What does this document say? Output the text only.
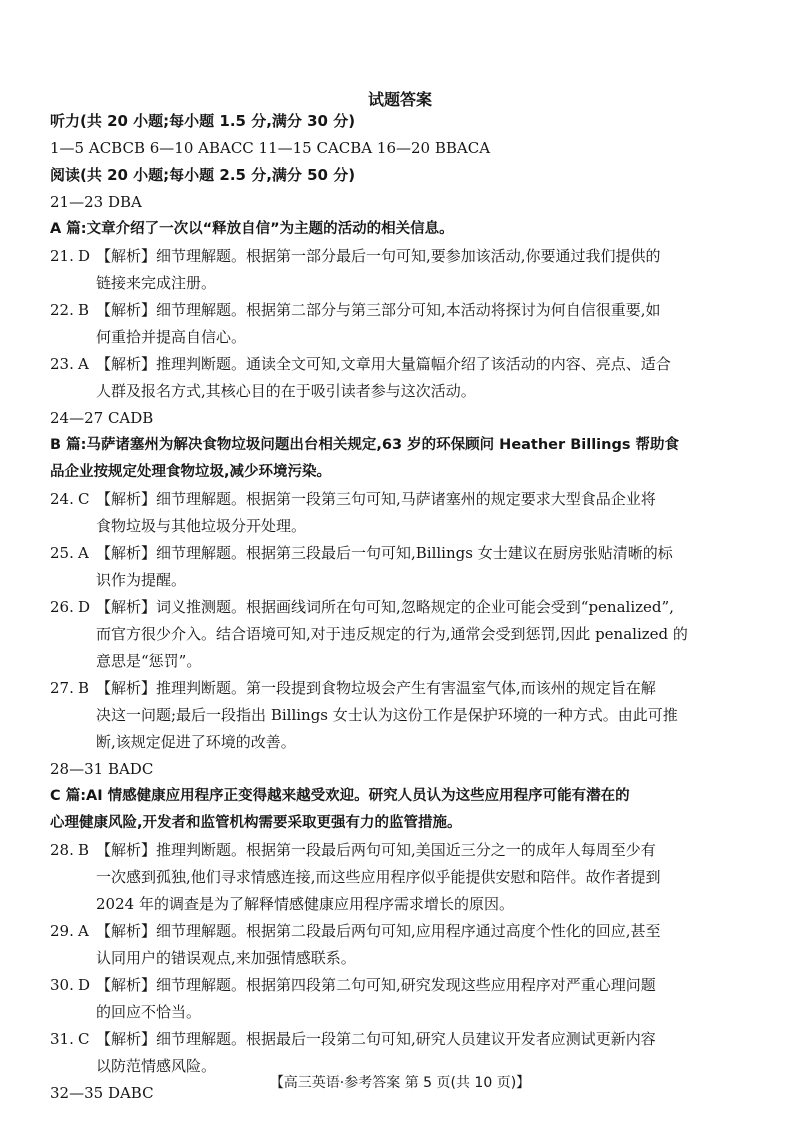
试题答案
听力(共 20 小题;每小题 1.5 分,满分 30 分)
1—5 ACBCB 6—10 ABACC 11—15 CACBA 16—20 BBACA
阅读(共 20 小题;每小题 2.5 分,满分 50 分)
21—23 DBA
A 篇:文章介绍了一次以“释放自信”为主题的活动的相关信息。
21. D 【解析】细节理解题。根据第一部分最后一句可知,要参加该活动,你要通过我们提供的
链接来完成注册。
22. B 【解析】细节理解题。根据第二部分与第三部分可知,本活动将探讨为何自信很重要,如
何重拾并提高自信心。
23. A 【解析】推理判断题。通读全文可知,文章用大量篇幅介绍了该活动的内容、亮点、适合
人群及报名方式,其核心目的在于吸引读者参与这次活动。
24—27 CADB
B 篇:马萨诸塞州为解决食物垃圾问题出台相关规定,63 岁的环保顾问 Heather Billings 帮助食
品企业按规定处理食物垃圾,减少环境污染。
24. C 【解析】细节理解题。根据第一段第三句可知,马萨诸塞州的规定要求大型食品企业将
食物垃圾与其他垃圾分开处理。
25. A 【解析】细节理解题。根据第三段最后一句可知,Billings 女士建议在厨房张贴清晰的标
识作为提醒。
26. D 【解析】词义推测题。根据画线词所在句可知,忽略规定的企业可能会受到“penalized”,
而官方很少介入。结合语境可知,对于违反规定的行为,通常会受到惩罚,因此 penalized 的
意思是“惩罚”。
27. B 【解析】推理判断题。第一段提到食物垃圾会产生有害温室气体,而该州的规定旨在解
决这一问题;最后一段指出 Billings 女士认为这份工作是保护环境的一种方式。由此可推
断,该规定促进了环境的改善。
28—31 BADC
C 篇:AI 情感健康应用程序正变得越来越受欢迎。研究人员认为这些应用程序可能有潜在的
心理健康风险,开发者和监管机构需要采取更强有力的监管措施。
28. B 【解析】推理判断题。根据第一段最后两句可知,美国近三分之一的成年人每周至少有
一次感到孤独,他们寻求情感连接,而这些应用程序似乎能提供安慰和陪伴。故作者提到
2024 年的调查是为了解释情感健康应用程序需求增长的原因。
29. A 【解析】细节理解题。根据第二段最后两句可知,应用程序通过高度个性化的回应,甚至
认同用户的错误观点,来加强情感联系。
30. D 【解析】细节理解题。根据第四段第二句可知,研究发现这些应用程序对严重心理问题
的回应不恰当。
31. C 【解析】细节理解题。根据最后一段第二句可知,研究人员建议开发者应测试更新内容
以防范情感风险。
32—35 DABC
【高三英语·参考答案 第 5 页(共 10 页)】
